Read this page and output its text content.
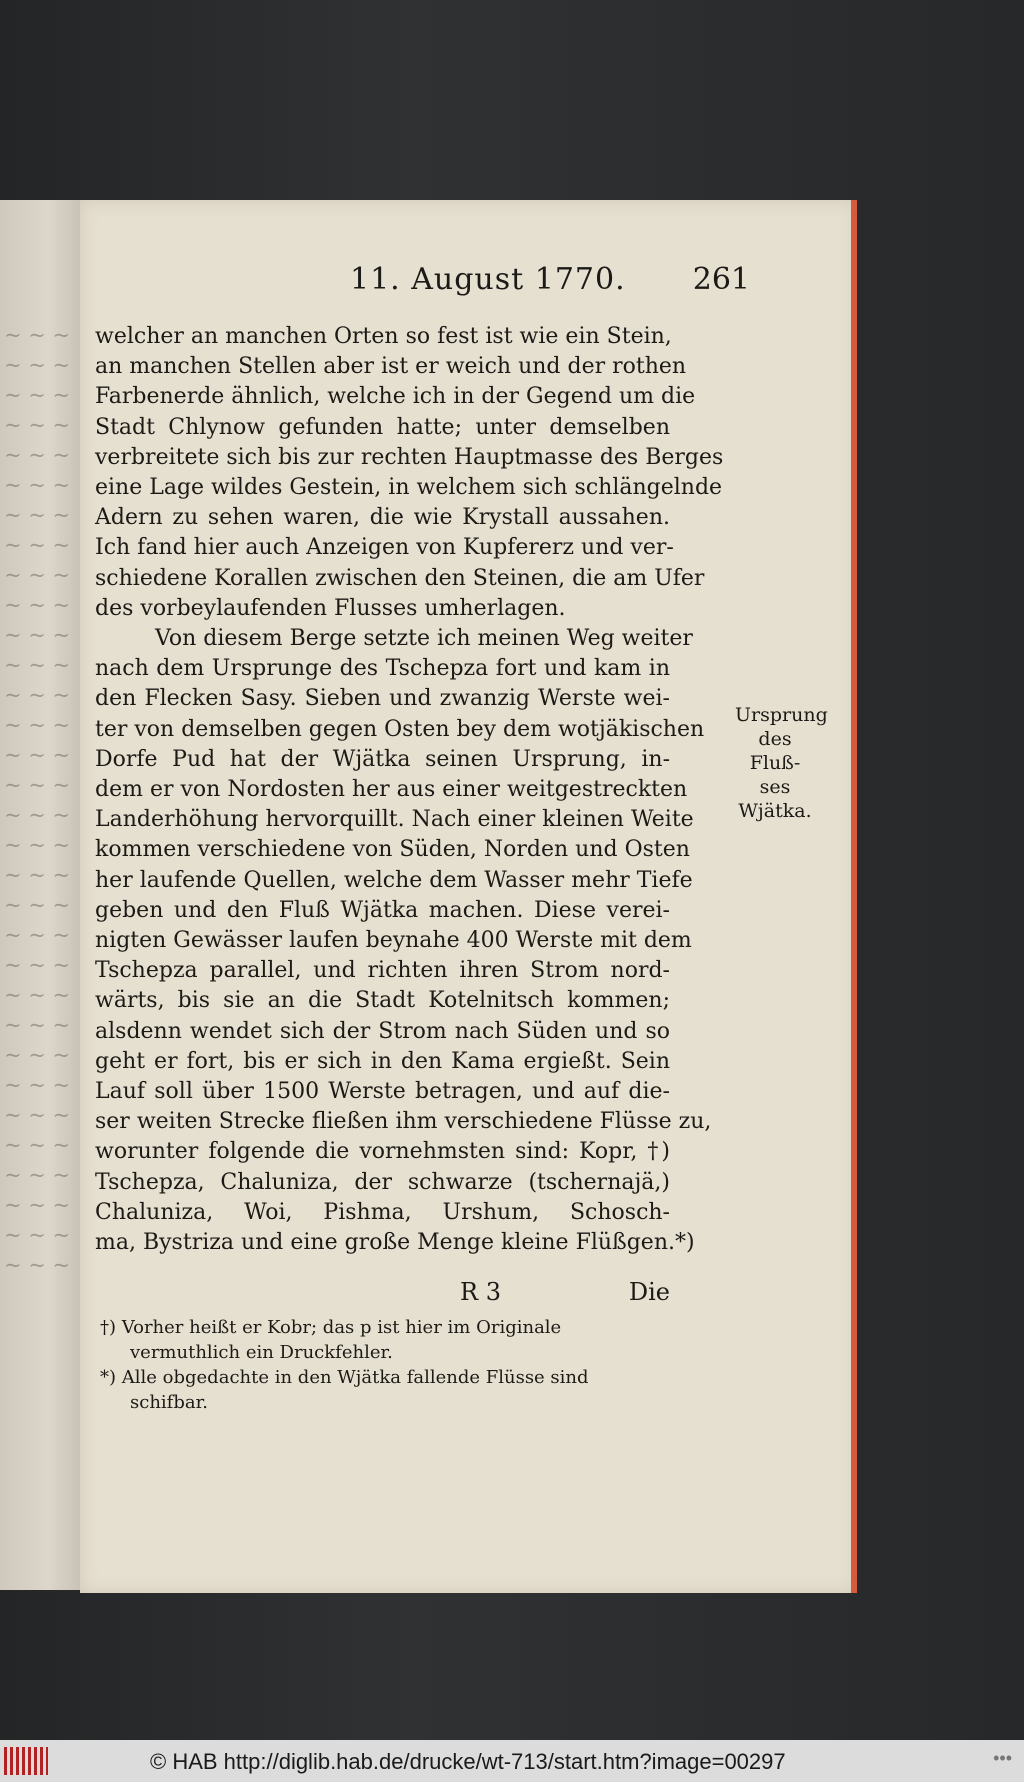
~ ~ ~
~ ~ ~
~ ~ ~
~ ~ ~
~ ~ ~
~ ~ ~
~ ~ ~
~ ~ ~
~ ~ ~
~ ~ ~
~ ~ ~
~ ~ ~
~ ~ ~
~ ~ ~
~ ~ ~
~ ~ ~
~ ~ ~
~ ~ ~
~ ~ ~
~ ~ ~
~ ~ ~
~ ~ ~
~ ~ ~
~ ~ ~
~ ~ ~
~ ~ ~
~ ~ ~
~ ~ ~
~ ~ ~
~ ~ ~
~ ~ ~
~ ~ ~
11. August 1770. 261
welcher an manchen Orten so fest ist wie ein Stein,
an manchen Stellen aber ist er weich und der rothen
Farbenerde ähnlich, welche ich in der Gegend um die
Stadt Chlynow gefunden hatte; unter demselben
verbreitete sich bis zur rechten Hauptmasse des Berges
eine Lage wildes Gestein, in welchem sich schlängelnde
Adern zu sehen waren, die wie Krystall aussahen.
Ich fand hier auch Anzeigen von Kupfererz und ver-
schiedene Korallen zwischen den Steinen, die am Ufer
des vorbeylaufenden Flusses umherlagen.
Von diesem Berge setzte ich meinen Weg weiter
nach dem Ursprunge des Tschepza fort und kam in
den Flecken Sasy. Sieben und zwanzig Werste wei-
ter von demselben gegen Osten bey dem wotjäkischen
Dorfe Pud hat der Wjätka seinen Ursprung, in-
dem er von Nordosten her aus einer weitgestreckten
Landerhöhung hervorquillt. Nach einer kleinen Weite
kommen verschiedene von Süden, Norden und Osten
her laufende Quellen, welche dem Wasser mehr Tiefe
geben und den Fluß Wjätka machen. Diese verei-
nigten Gewässer laufen beynahe 400 Werste mit dem
Tschepza parallel, und richten ihren Strom nord-
wärts, bis sie an die Stadt Kotelnitsch kommen;
alsdenn wendet sich der Strom nach Süden und so
geht er fort, bis er sich in den Kama ergießt. Sein
Lauf soll über 1500 Werste betragen, und auf die-
ser weiten Strecke fließen ihm verschiedene Flüsse zu,
worunter folgende die vornehmsten sind: Kopr, †)
Tschepza, Chaluniza, der schwarze (tschernajä,)
Chaluniza, Woi, Pishma, Urshum, Schosch-
ma, Bystriza und eine große Menge kleine Flüßgen.*)
Ursprung
des Fluß-
ses
Wjätka.
R 3	Die
†) Vorher heißt er Kobr; das p ist hier im Originale
vermuthlich ein Druckfehler.
*) Alle obgedachte in den Wjätka fallende Flüsse sind
schifbar.
© HAB http://diglib.hab.de/drucke/wt-713/start.htm?image=00297	•••
